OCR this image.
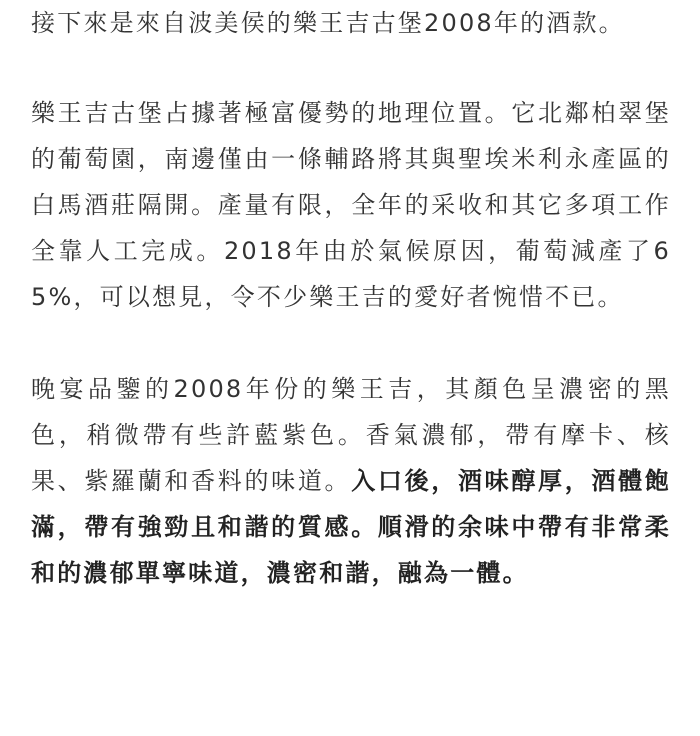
接下來是來自波美侯的樂王吉古堡2008年的酒款。

樂王吉古堡占據著極富優勢的地理位置。它北鄰柏翠堡的葡萄園，南邊僅由一條輔路將其與聖埃米利永產區的白馬酒莊隔開。產量有限，全年的采收和其它多項工作全靠人工完成。2018年由於氣候原因，葡萄減產了65%，可以想見，令不少樂王吉的愛好者惋惜不已。

晚宴品鑒的2008年份的樂王吉，其顏色呈濃密的黑色，稍微帶有些許藍紫色。香氣濃郁，帶有摩卡、核果、紫羅蘭和香料的味道。入口後，酒味醇厚，酒體飽滿，帶有強勁且和諧的質感。順滑的余味中帶有非常柔和的濃郁單寧味道，濃密和諧，融為一體。
